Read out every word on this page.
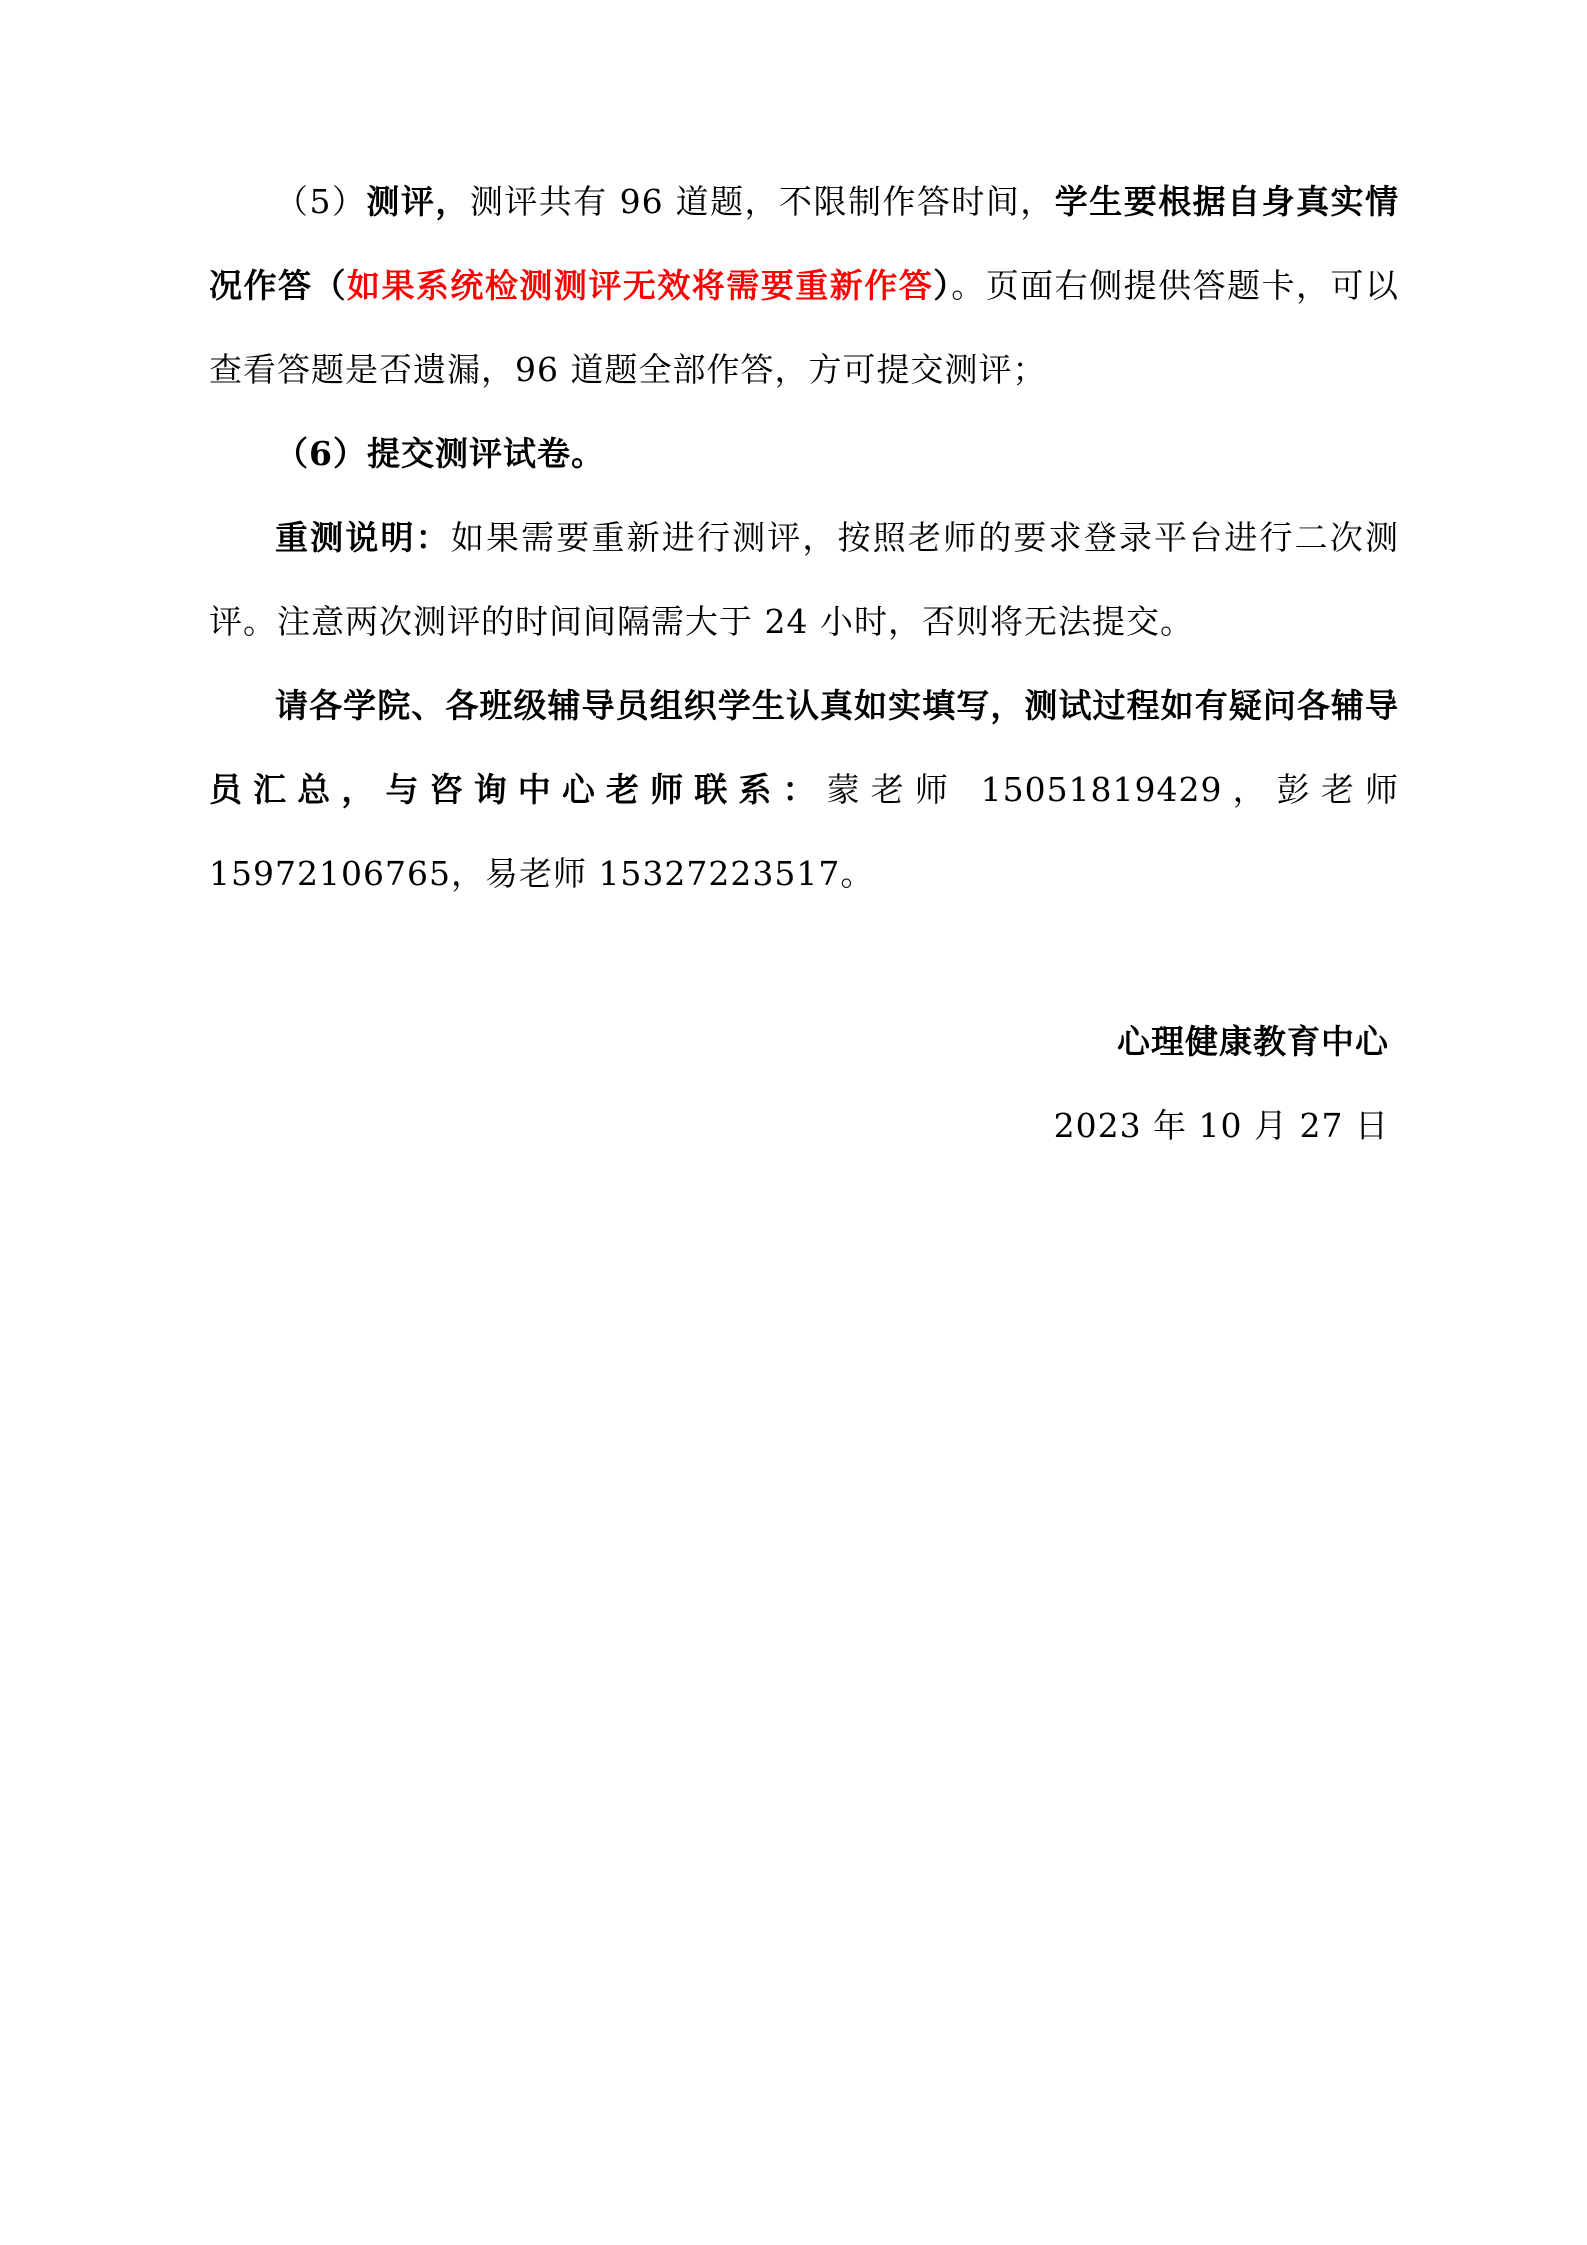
（5）测评，测评共有 96 道题，不限制作答时间，学生要根据自身真实情况作答（如果系统检测测评无效将需要重新作答）。页面右侧提供答题卡，可以查看答题是否遗漏，96 道题全部作答，方可提交测评；

（6）提交测评试卷。

重测说明：如果需要重新进行测评，按照老师的要求登录平台进行二次测评。注意两次测评的时间间隔需大于 24 小时，否则将无法提交。

请各学院、各班级辅导员组织学生认真如实填写，测试过程如有疑问各辅导员汇总，与咨询中心老师联系：蒙老师 15051819429，彭老师 15972106765，易老师 15327223517。

心理健康教育中心
2023 年 10 月 27 日
